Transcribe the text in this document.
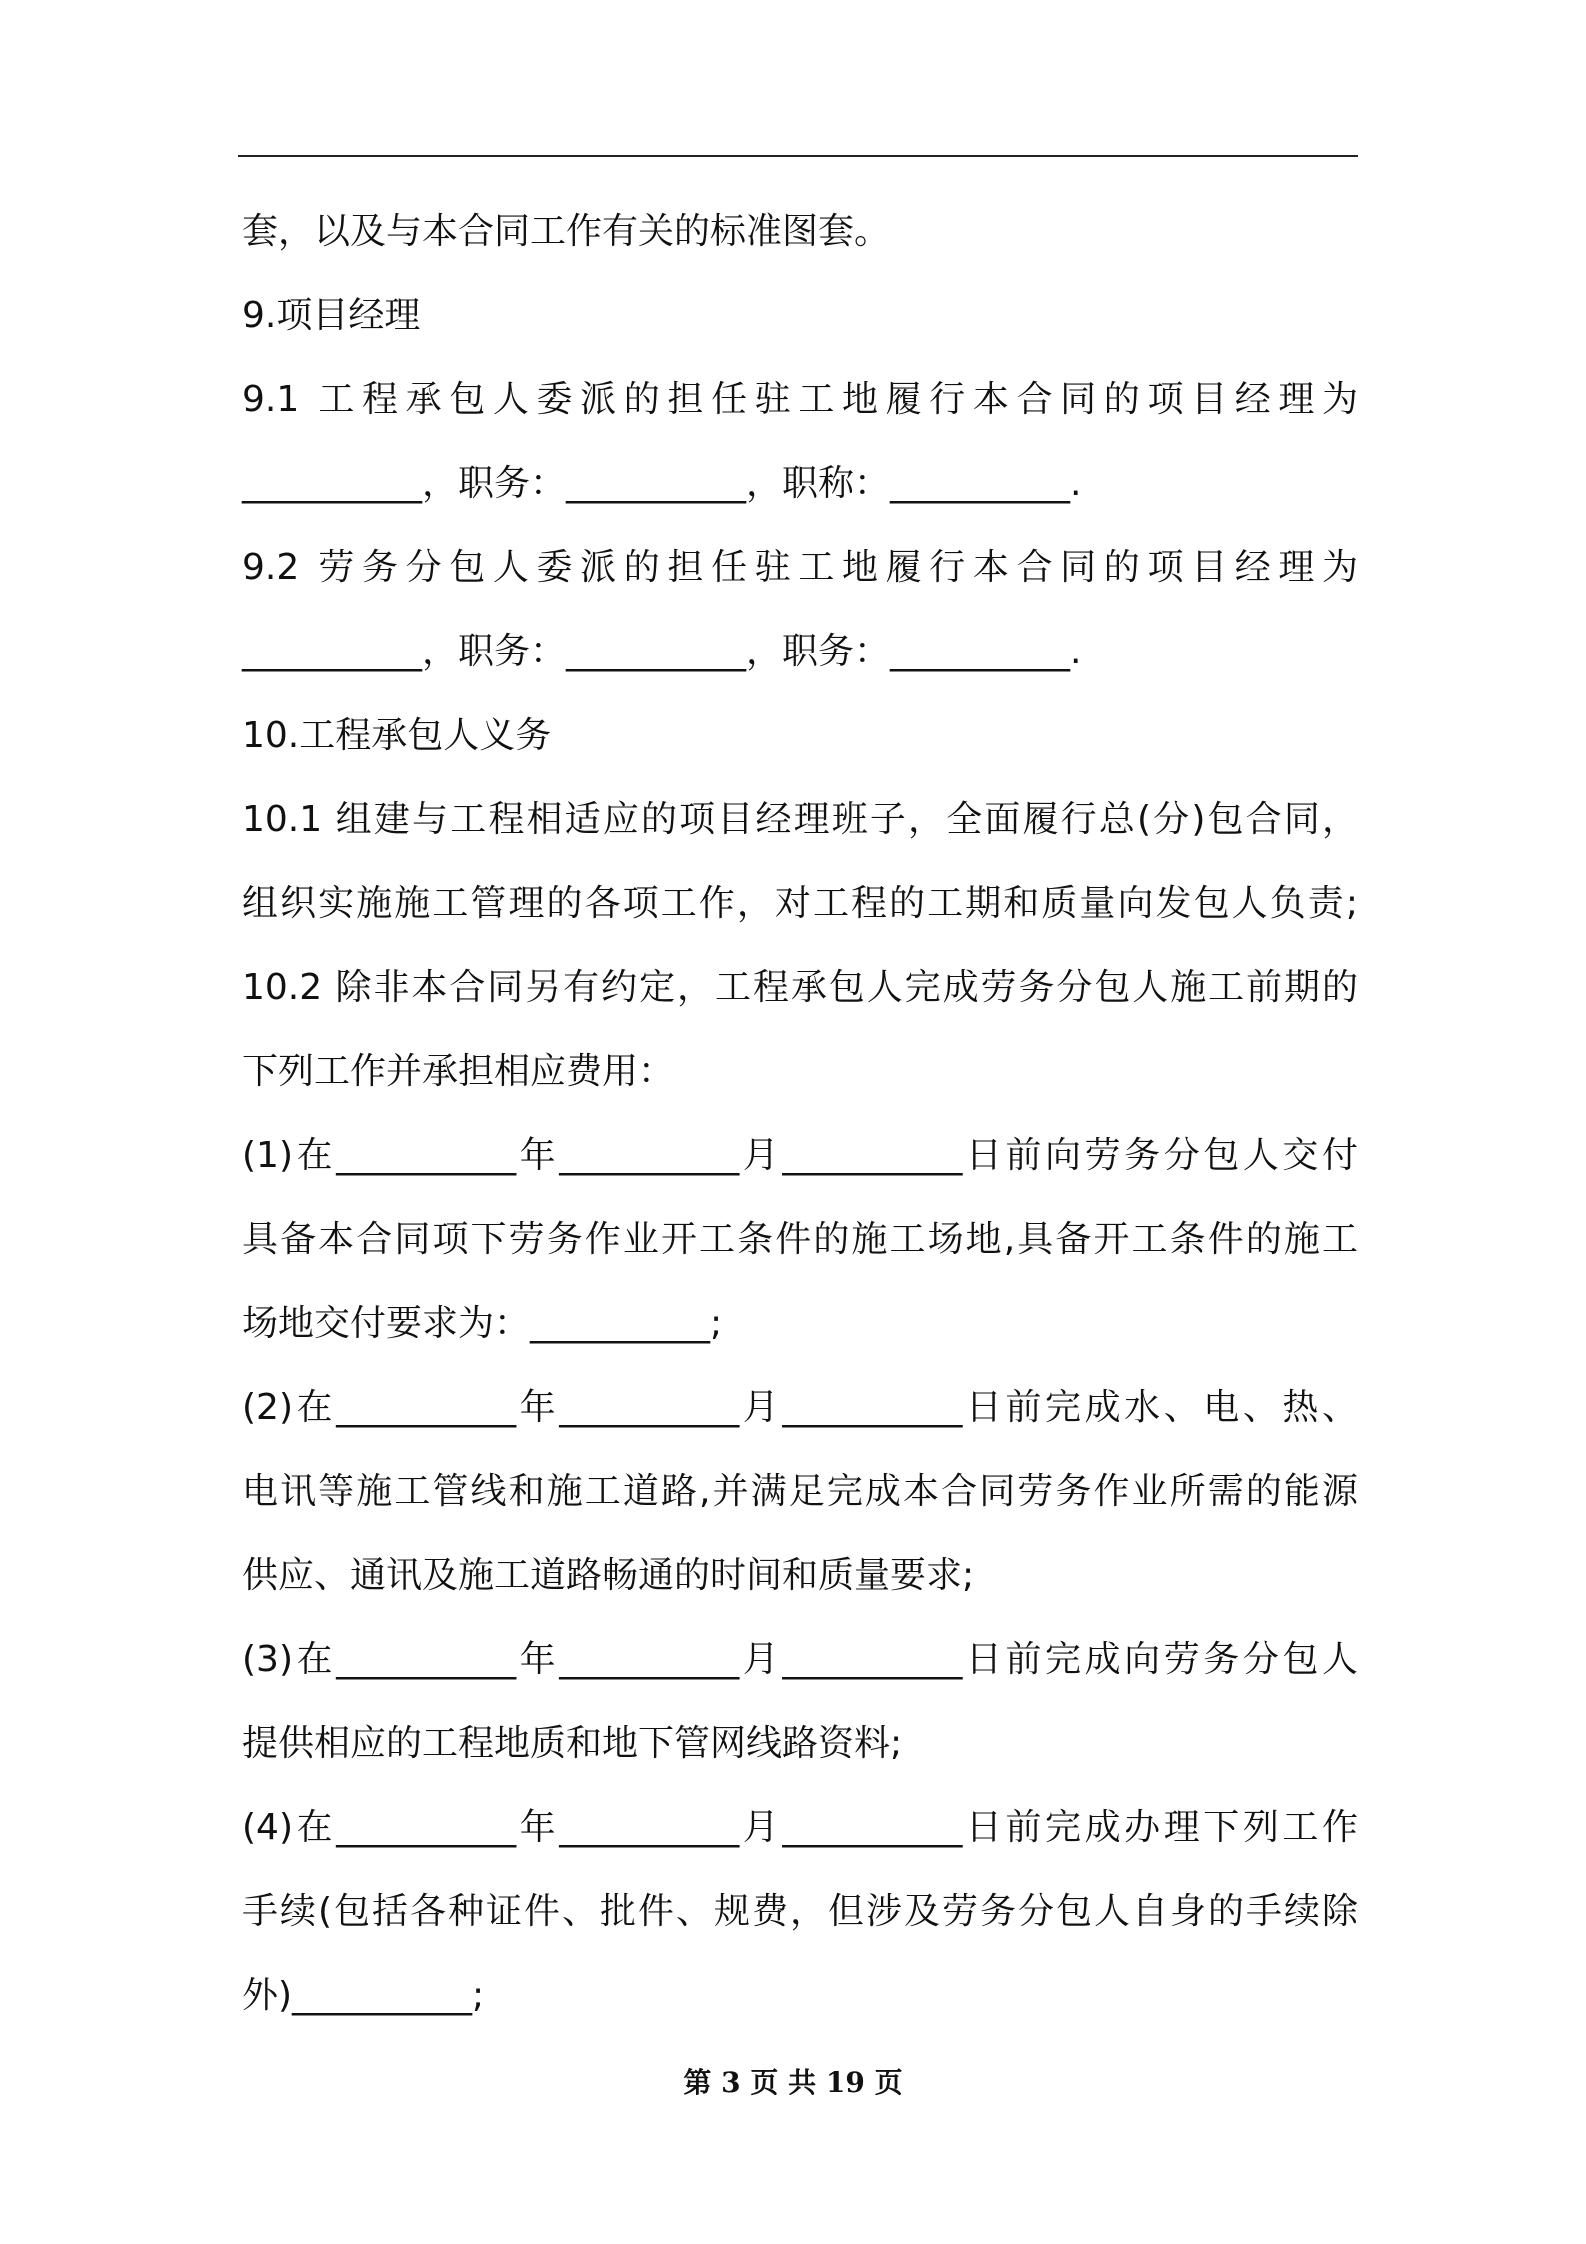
套，以及与本合同工作有关的标准图套。
9.项目经理
9.1 工程承包人委派的担任驻工地履行本合同的项目经理为
__________，职务：__________，职称：__________.
9.2 劳务分包人委派的担任驻工地履行本合同的项目经理为
__________，职务：__________，职务：__________.
10.工程承包人义务
10.1 组建与工程相适应的项目经理班子，全面履行总(分)包合同，
组织实施施工管理的各项工作，对工程的工期和质量向发包人负责;
10.2 除非本合同另有约定，工程承包人完成劳务分包人施工前期的
下列工作并承担相应费用：
(1)在__________年__________月__________日前向劳务分包人交付
具备本合同项下劳务作业开工条件的施工场地,具备开工条件的施工
场地交付要求为：__________;
(2)在__________年__________月__________日前完成水、电、热、
电讯等施工管线和施工道路,并满足完成本合同劳务作业所需的能源
供应、通讯及施工道路畅通的时间和质量要求;
(3)在__________年__________月__________日前完成向劳务分包人
提供相应的工程地质和地下管网线路资料;
(4)在__________年__________月__________日前完成办理下列工作
手续(包括各种证件、批件、规费，但涉及劳务分包人自身的手续除
外)__________;
第 3 页 共 19 页
